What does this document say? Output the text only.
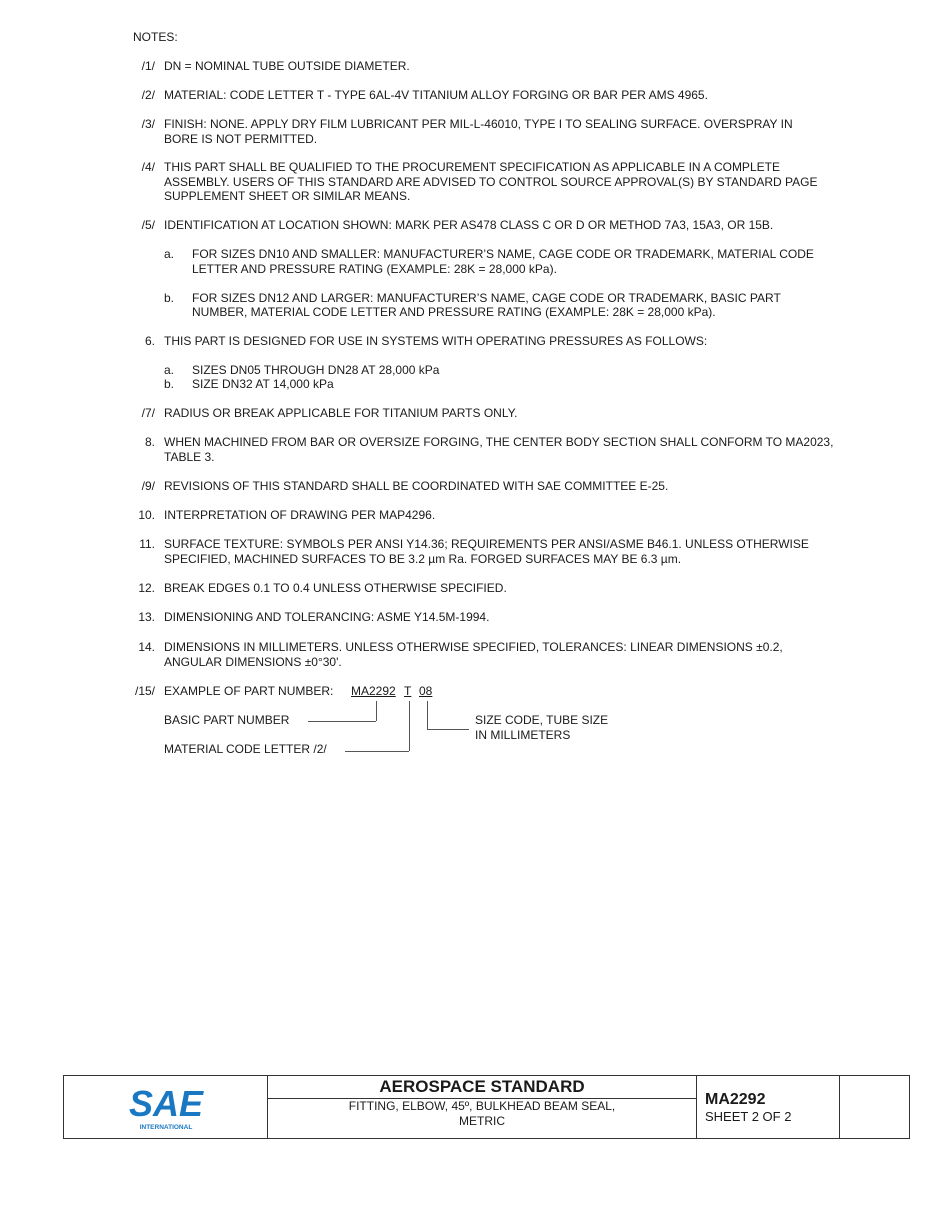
NOTES:
/1/ DN = NOMINAL TUBE OUTSIDE DIAMETER.
/2/ MATERIAL: CODE LETTER T - TYPE 6AL-4V TITANIUM ALLOY FORGING OR BAR PER AMS 4965.
/3/ FINISH: NONE. APPLY DRY FILM LUBRICANT PER MIL-L-46010, TYPE I TO SEALING SURFACE. OVERSPRAY IN
BORE IS NOT PERMITTED.
/4/ THIS PART SHALL BE QUALIFIED TO THE PROCUREMENT SPECIFICATION AS APPLICABLE IN A COMPLETE
ASSEMBLY. USERS OF THIS STANDARD ARE ADVISED TO CONTROL SOURCE APPROVAL(S) BY STANDARD PAGE
SUPPLEMENT SHEET OR SIMILAR MEANS.
/5/ IDENTIFICATION AT LOCATION SHOWN: MARK PER AS478 CLASS C OR D OR METHOD 7A3, 15A3, OR 15B.
a. FOR SIZES DN10 AND SMALLER: MANUFACTURER’S NAME, CAGE CODE OR TRADEMARK, MATERIAL CODE
LETTER AND PRESSURE RATING (EXAMPLE: 28K = 28,000 kPa).
b. FOR SIZES DN12 AND LARGER: MANUFACTURER’S NAME, CAGE CODE OR TRADEMARK, BASIC PART
NUMBER, MATERIAL CODE LETTER AND PRESSURE RATING (EXAMPLE: 28K = 28,000 kPa).
6. THIS PART IS DESIGNED FOR USE IN SYSTEMS WITH OPERATING PRESSURES AS FOLLOWS:
a. SIZES DN05 THROUGH DN28 AT 28,000 kPa
b. SIZE DN32 AT 14,000 kPa
/7/ RADIUS OR BREAK APPLICABLE FOR TITANIUM PARTS ONLY.
8. WHEN MACHINED FROM BAR OR OVERSIZE FORGING, THE CENTER BODY SECTION SHALL CONFORM TO MA2023,
TABLE 3.
/9/ REVISIONS OF THIS STANDARD SHALL BE COORDINATED WITH SAE COMMITTEE E-25.
10. INTERPRETATION OF DRAWING PER MAP4296.
11. SURFACE TEXTURE: SYMBOLS PER ANSI Y14.36; REQUIREMENTS PER ANSI/ASME B46.1. UNLESS OTHERWISE
SPECIFIED, MACHINED SURFACES TO BE 3.2 µm Ra. FORGED SURFACES MAY BE 6.3 µm.
12. BREAK EDGES 0.1 TO 0.4 UNLESS OTHERWISE SPECIFIED.
13. DIMENSIONING AND TOLERANCING: ASME Y14.5M-1994.
14. DIMENSIONS IN MILLIMETERS. UNLESS OTHERWISE SPECIFIED, TOLERANCES: LINEAR DIMENSIONS ±0.2,
ANGULAR DIMENSIONS ±0°30'.
/15/ EXAMPLE OF PART NUMBER: MA2292 T 08
BASIC PART NUMBER
MATERIAL CODE LETTER /2/
SIZE CODE, TUBE SIZE
IN MILLIMETERS
SAE
INTERNATIONAL
AEROSPACE STANDARD
FITTING, ELBOW, 45º, BULKHEAD BEAM SEAL,
METRIC
MA2292
SHEET 2 OF 2
